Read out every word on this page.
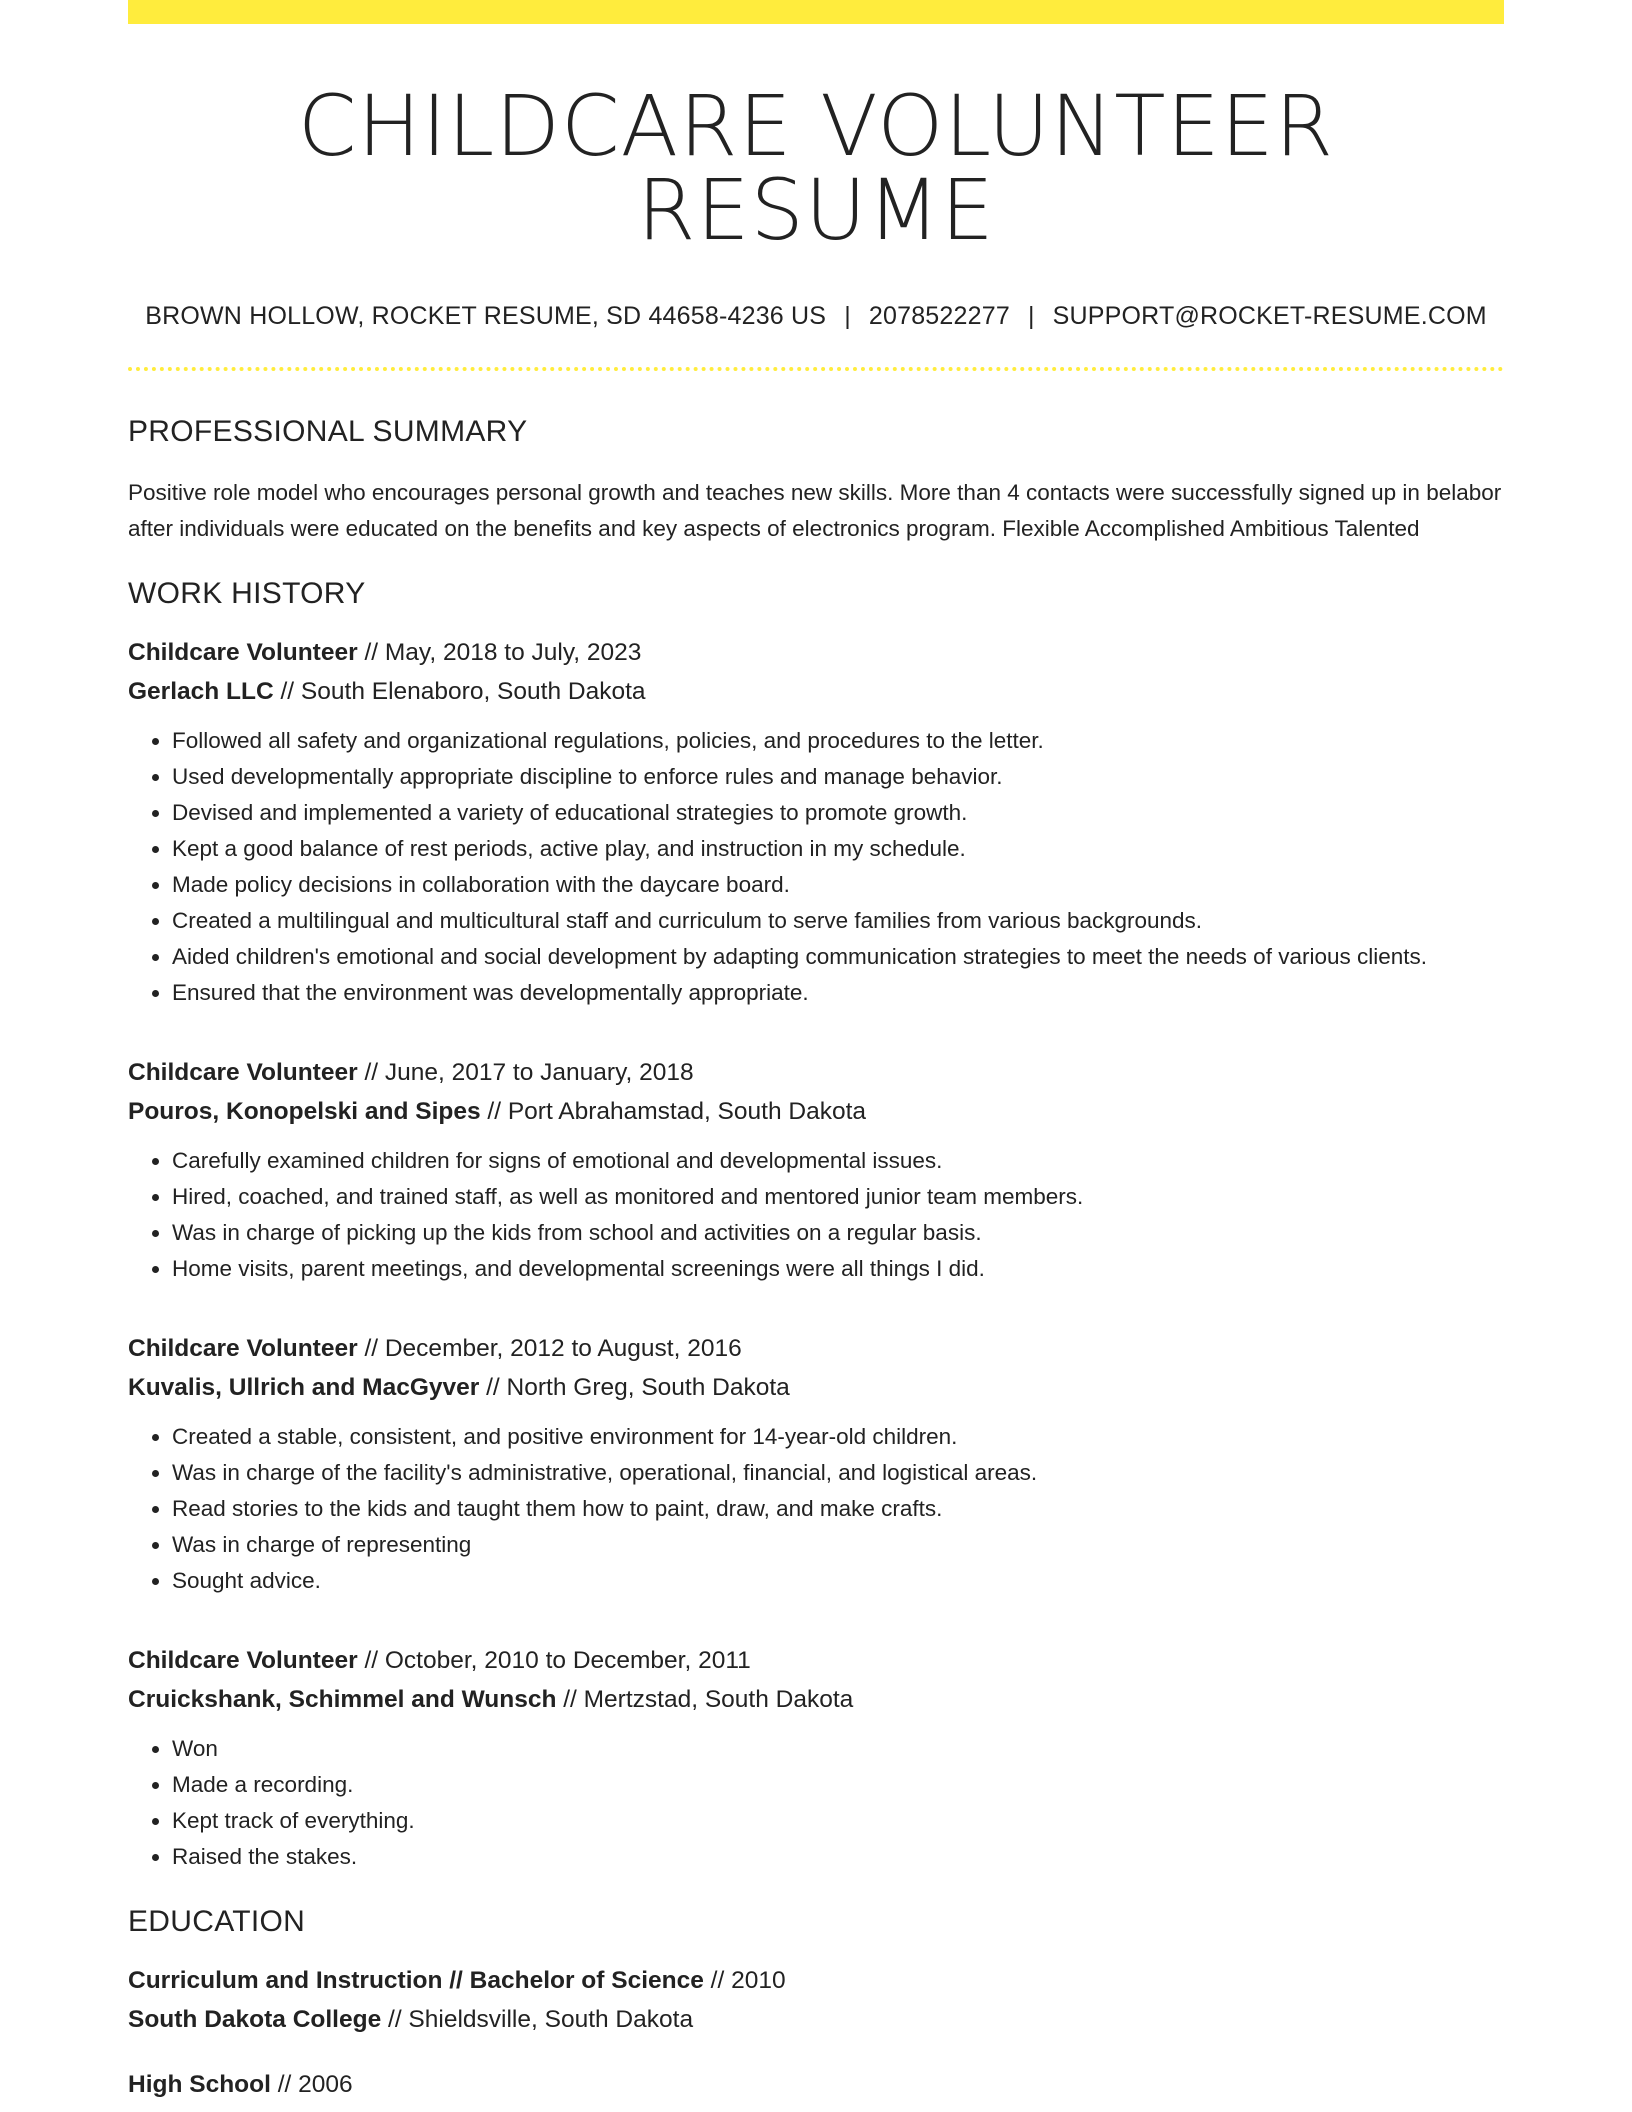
CHILDCARE VOLUNTEER RESUME
BROWN HOLLOW, ROCKET RESUME, SD 44658-4236 US | 2078522277 | SUPPORT@ROCKET-RESUME.COM
PROFESSIONAL SUMMARY

Positive role model who encourages personal growth and teaches new skills. More than 4 contacts were successfully signed up in belabor after individuals were educated on the benefits and key aspects of electronics program. Flexible Accomplished Ambitious Talented

WORK HISTORY
Childcare Volunteer // May, 2018 to July, 2023
Gerlach LLC // South Elenaboro, South Dakota
• Followed all safety and organizational regulations, policies, and procedures to the letter.
• Used developmentally appropriate discipline to enforce rules and manage behavior.
• Devised and implemented a variety of educational strategies to promote growth.
• Kept a good balance of rest periods, active play, and instruction in my schedule.
• Made policy decisions in collaboration with the daycare board.
• Created a multilingual and multicultural staff and curriculum to serve families from various backgrounds.
• Aided children's emotional and social development by adapting communication strategies to meet the needs of various clients.
• Ensured that the environment was developmentally appropriate.
Childcare Volunteer // June, 2017 to January, 2018
Pouros, Konopelski and Sipes // Port Abrahamstad, South Dakota
• Carefully examined children for signs of emotional and developmental issues.
• Hired, coached, and trained staff, as well as monitored and mentored junior team members.
• Was in charge of picking up the kids from school and activities on a regular basis.
• Home visits, parent meetings, and developmental screenings were all things I did.
Childcare Volunteer // December, 2012 to August, 2016
Kuvalis, Ullrich and MacGyver // North Greg, South Dakota
• Created a stable, consistent, and positive environment for 14-year-old children.
• Was in charge of the facility's administrative, operational, financial, and logistical areas.
• Read stories to the kids and taught them how to paint, draw, and make crafts.
• Was in charge of representing
• Sought advice.
Childcare Volunteer // October, 2010 to December, 2011
Cruickshank, Schimmel and Wunsch // Mertzstad, South Dakota
• Won
• Made a recording.
• Kept track of everything.
• Raised the stakes.
EDUCATION
Curriculum and Instruction // Bachelor of Science // 2010
South Dakota College // Shieldsville, South Dakota
High School // 2006
